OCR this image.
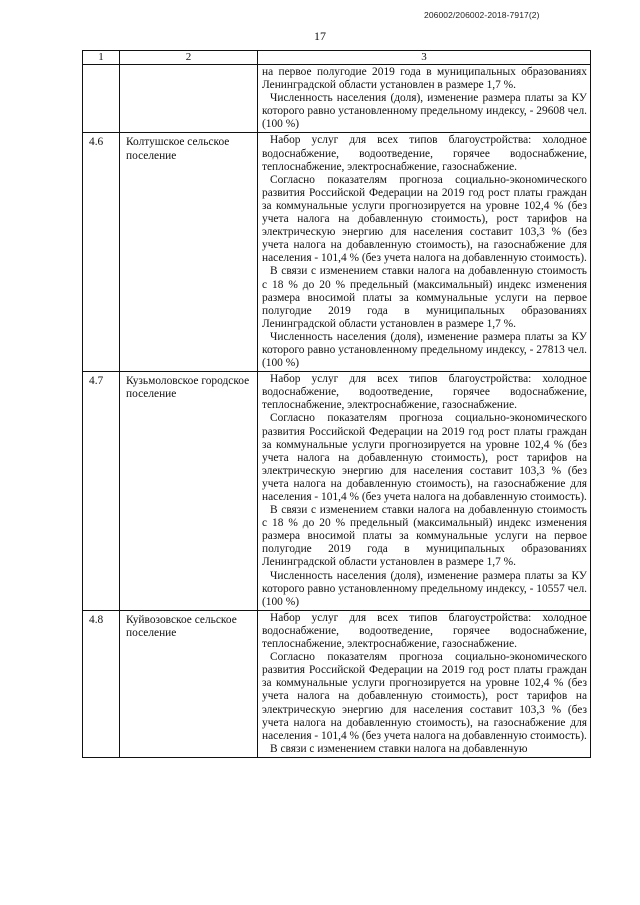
206002/206002-2018-7917(2)
17
1	2	3

		на первое полугодие 2019 года в муниципальных образованиях Ленинградской области установлен в размере 1,7 %.

Численность населения (доля), изменение размера платы за КУ которого равно установленному предельному индексу, - 29608 чел. (100 %)

4.6	Колтушское сельское поселение	Набор услуг для всех типов благоустройства: холодное водоснабжение, водоотведение, горячее водоснабжение, теплоснабжение, электроснабжение, газоснабжение.

Согласно показателям прогноза социально-экономического развития Российской Федерации на 2019 год рост платы граждан за коммунальные услуги прогнозируется на уровне 102,4 % (без учета налога на добавленную стоимость), рост тарифов на электрическую энергию для населения составит 103,3 % (без учета налога на добавленную стоимость), на газоснабжение для населения - 101,4 % (без учета налога на добавленную стоимость).

В связи с изменением ставки налога на добавленную стоимость с 18 % до 20 % предельный (максимальный) индекс изменения размера вносимой платы за коммунальные услуги на первое полугодие 2019 года в муниципальных образованиях Ленинградской области установлен в размере 1,7 %.

Численность населения (доля), изменение размера платы за КУ которого равно установленному предельному индексу, - 27813 чел. (100 %)

4.7	Кузьмоловское городское поселение	Набор услуг для всех типов благоустройства: холодное водоснабжение, водоотведение, горячее водоснабжение, теплоснабжение, электроснабжение, газоснабжение.

Согласно показателям прогноза социально-экономического развития Российской Федерации на 2019 год рост платы граждан за коммунальные услуги прогнозируется на уровне 102,4 % (без учета налога на добавленную стоимость), рост тарифов на электрическую энергию для населения составит 103,3 % (без учета налога на добавленную стоимость), на газоснабжение для населения - 101,4 % (без учета налога на добавленную стоимость).

В связи с изменением ставки налога на добавленную стоимость с 18 % до 20 % предельный (максимальный) индекс изменения размера вносимой платы за коммунальные услуги на первое полугодие 2019 года в муниципальных образованиях Ленинградской области установлен в размере 1,7 %.

Численность населения (доля), изменение размера платы за КУ которого равно установленному предельному индексу, - 10557 чел. (100 %)

4.8	Куйвозовское сельское поселение	Набор услуг для всех типов благоустройства: холодное водоснабжение, водоотведение, горячее водоснабжение, теплоснабжение, электроснабжение, газоснабжение.

Согласно показателям прогноза социально-экономического развития Российской Федерации на 2019 год рост платы граждан за коммунальные услуги прогнозируется на уровне 102,4 % (без учета налога на добавленную стоимость), рост тарифов на электрическую энергию для населения составит 103,3 % (без учета налога на добавленную стоимость), на газоснабжение для населения - 101,4 % (без учета налога на добавленную стоимость).

В связи с изменением ставки налога на добавленную
